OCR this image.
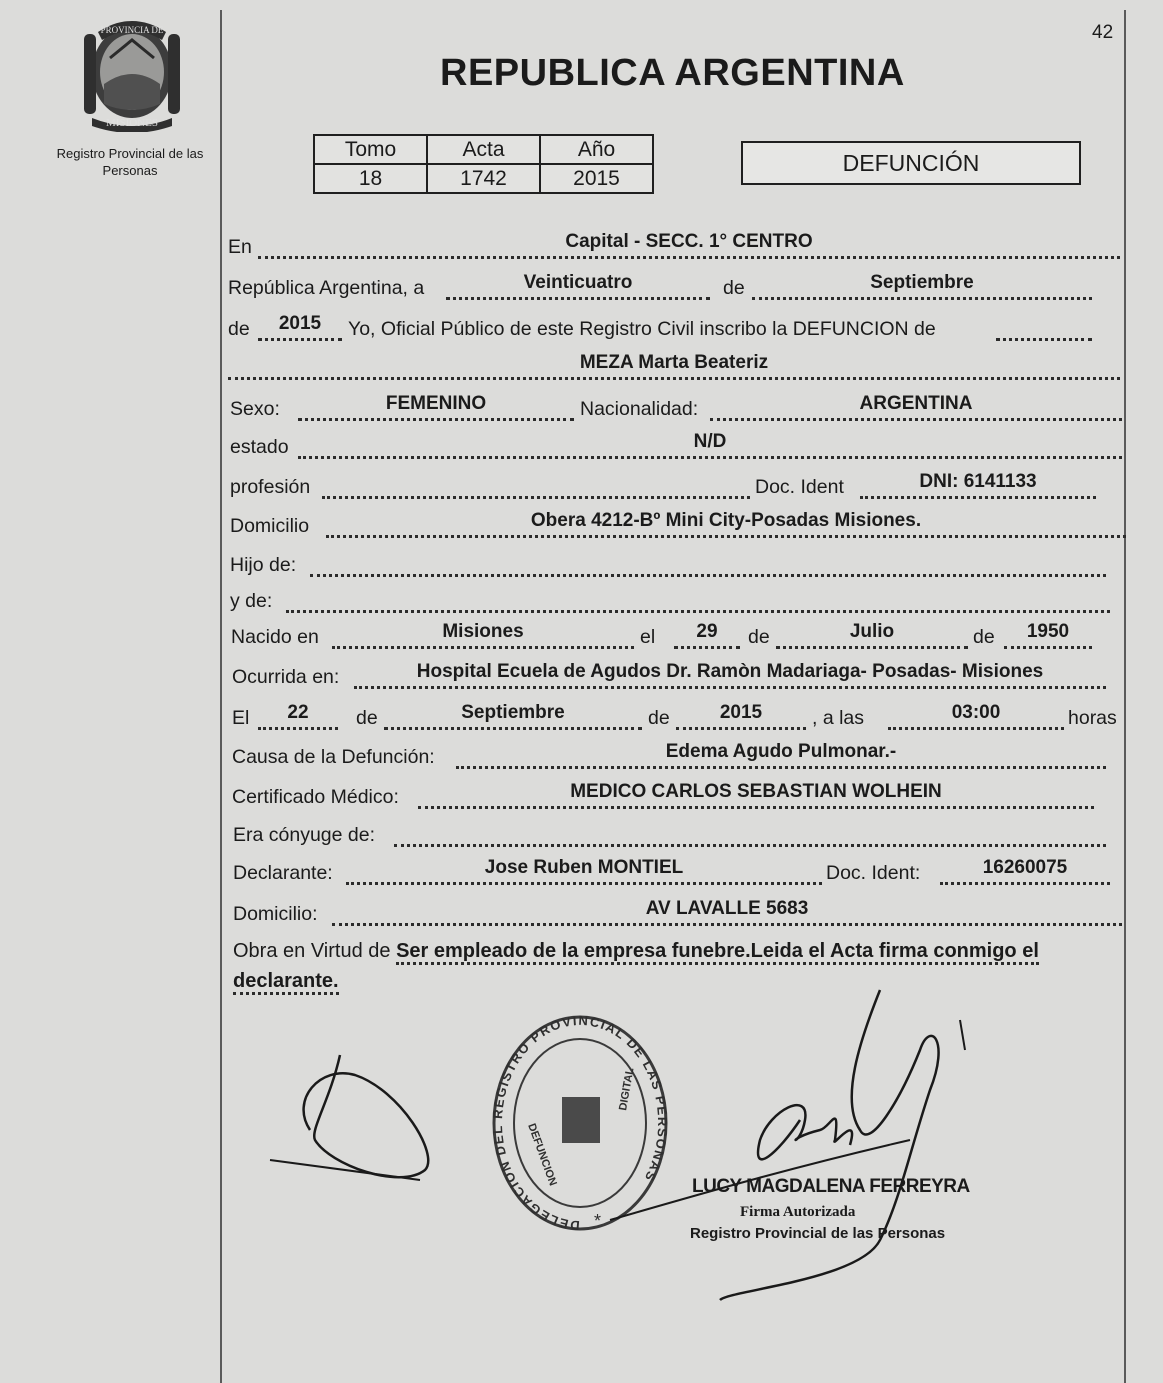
42
PROVINCIA DE
MISIONES
Registro Provincial de las Personas
REPUBLICA ARGENTINA
Tomo	Acta	Año
18	1742	2015
DEFUNCIÓN
En	Capital - SECC. 1° CENTRO
República Argentina, a	Veinticuatro	de	Septiembre
de	2015	Yo, Oficial Público de este Registro Civil inscribo la DEFUNCION de
MEZA Marta Beateriz
Sexo:	FEMENINO	Nacionalidad:	ARGENTINA
estado	N/D
profesión	Doc. Ident	DNI: 6141133
Domicilio	Obera 4212-Bº Mini City-Posadas Misiones.
Hijo de:
y de:
Nacido en	Misiones	el	29	de	Julio	de	1950
Ocurrida en:	Hospital Ecuela de Agudos Dr. Ramòn Madariaga- Posadas- Misiones
El	22	de	Septiembre	de	2015	, a las	03:00	horas
Causa de la Defunción:	Edema Agudo Pulmonar.-
Certificado Médico:	MEDICO CARLOS SEBASTIAN WOLHEIN
Era cónyuge de:
Declarante:	Jose Ruben MONTIEL	Doc. Ident:	16260075
Domicilio:	AV LAVALLE 5683
Obra en Virtud de Ser empleado de la empresa funebre.Leida el Acta firma conmigo el declarante.
DELEGACION DEL REGISTRO PROVINCIAL DE LAS PERSONAS
DEFUNCION
DIGITAL
*
LUCY MAGDALENA FERREYRA
Firma Autorizada
Registro Provincial de las Personas
